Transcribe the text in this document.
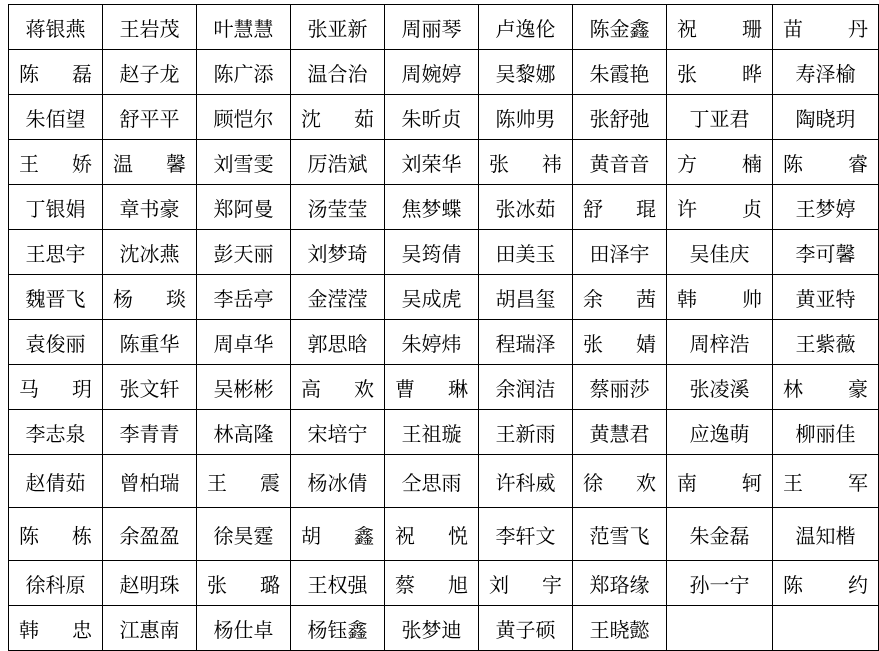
蒋银燕	王岩茂	叶慧慧	张亚新	周丽琴	卢逸伦	陈金鑫	祝　珊	苗　丹
陈　磊	赵子龙	陈广添	温合治	周婉婷	吴黎娜	朱霞艳	张　晔	寿泽榆
朱佰望	舒平平	顾恺尔	沈　茹	朱昕贞	陈帅男	张舒弛	丁亚君	陶晓玥
王　娇	温　馨	刘雪雯	厉浩斌	刘荣华	张　祎	黄音音	方　楠	陈　睿
丁银娟	章书豪	郑阿曼	汤莹莹	焦梦蝶	张冰茹	舒　琨	许　贞	王梦婷
王思宇	沈冰燕	彭天丽	刘梦琦	吴筠倩	田美玉	田泽宇	吴佳庆	李可馨
魏晋飞	杨　琰	李岳亭	金滢滢	吴成虎	胡昌玺	余　茜	韩　帅	黄亚特
袁俊丽	陈重华	周卓华	郭思晗	朱婷炜	程瑞泽	张　婧	周梓浩	王紫薇
马　玥	张文轩	吴彬彬	高　欢	曹　琳	余润洁	蔡丽莎	张凌溪	林　豪
李志泉	李青青	林高隆	宋培宁	王祖璇	王新雨	黄慧君	应逸萌	柳丽佳
赵倩茹	曾柏瑞	王　震	杨冰倩	仝思雨	许科威	徐　欢	南　轲	王　军
陈　栋	余盈盈	徐昊霆	胡　鑫	祝　悦	李轩文	范雪飞	朱金磊	温知楷
徐科原	赵明珠	张　璐	王权强	蔡　旭	刘　宇	郑珞缘	孙一宁	陈　约
韩　忠	江惠南	杨仕卓	杨钰鑫	张梦迪	黄子硕	王晓懿		
